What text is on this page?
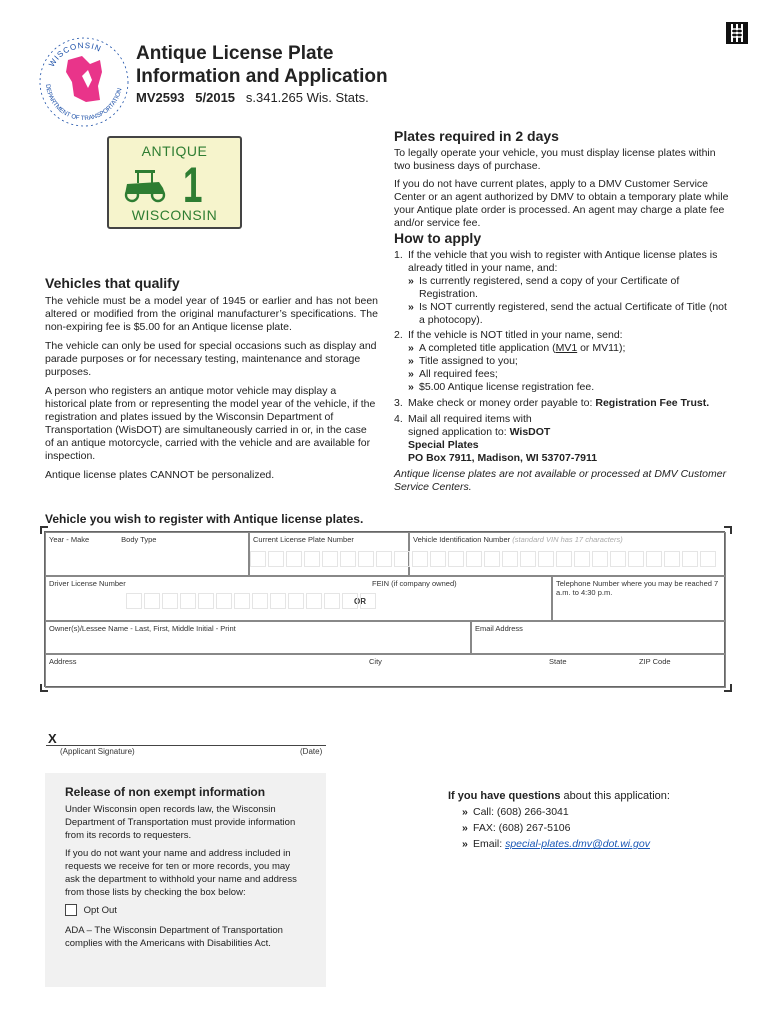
WISCONSIN
DEPARTMENT OF TRANSPORTATION
Antique License Plate
Information and Application
MV2593 5/2015 s.341.265 Wis. Stats.
ANTIQUE
1
WISCONSIN
Plates required in 2 days

To legally operate your vehicle, you must display license plates within two business days of purchase.

If you do not have current plates, apply to a DMV Customer Service Center or an agent authorized by DMV to obtain a temporary plate while your Antique plate order is processed. An agent may charge a plate fee and/or service fee.

How to apply
1. If the vehicle that you wish to register with Antique license plates is already titled in your name, and:
» Is currently registered, send a copy of your Certificate of Registration.
» Is NOT currently registered, send the actual Certificate of Title (not a photocopy).
2. If the vehicle is NOT titled in your name, send:
» A completed title application (MV1 or MV11);
» Title assigned to you;
» All required fees;
» $5.00 Antique license registration fee.
3. Make check or money order payable to: Registration Fee Trust.
4. Mail all required items with signed application to: WisDOT Special Plates
PO Box 7911, Madison, WI 53707-7911

Antique license plates are not available or processed at DMV Customer Service Centers.

Vehicles that qualify

The vehicle must be a model year of 1945 or earlier and has not been altered or modified from the original manufacturer’s specifications. The non-expiring fee is $5.00 for an Antique license plate.

The vehicle can only be used for special occasions such as display and parade purposes or for necessary testing, maintenance and storage purposes.

A person who registers an antique motor vehicle may display a historical plate from or representing the model year of the vehicle, if the registration and plates issued by the Wisconsin Department of Transportation (WisDOT) are simultaneously carried in or, in the case of an antique motorcycle, carried with the vehicle and are available for inspection.

Antique license plates CANNOT be personalized.

Vehicle you wish to register with Antique license plates.
Year - Make	Body Type	Current License Plate Number	Vehicle Identification Number (standard VIN has 17 characters)
Driver License Number	FEIN (if company owned)
OR
Telephone Number where you may be reached 7 a.m. to 4:30 p.m.
Owner(s)/Lessee Name - Last, First, Middle Initial - Print	Email Address
Address	City	State	ZIP Code
X
(Applicant Signature)	(Date)
Release of non exempt information

Under Wisconsin open records law, the Wisconsin Department of Transportation must provide information from its records to requesters.

If you do not want your name and address included in requests we receive for ten or more records, you may ask the department to withhold your name and address from those lists by checking the box below:

Opt Out

ADA – The Wisconsin Department of Transportation complies with the Americans with Disabilities Act.

If you have questions about this application:
» Call: (608) 266-3041
» FAX: (608) 267-5106
» Email: special-plates.dmv@dot.wi.gov
